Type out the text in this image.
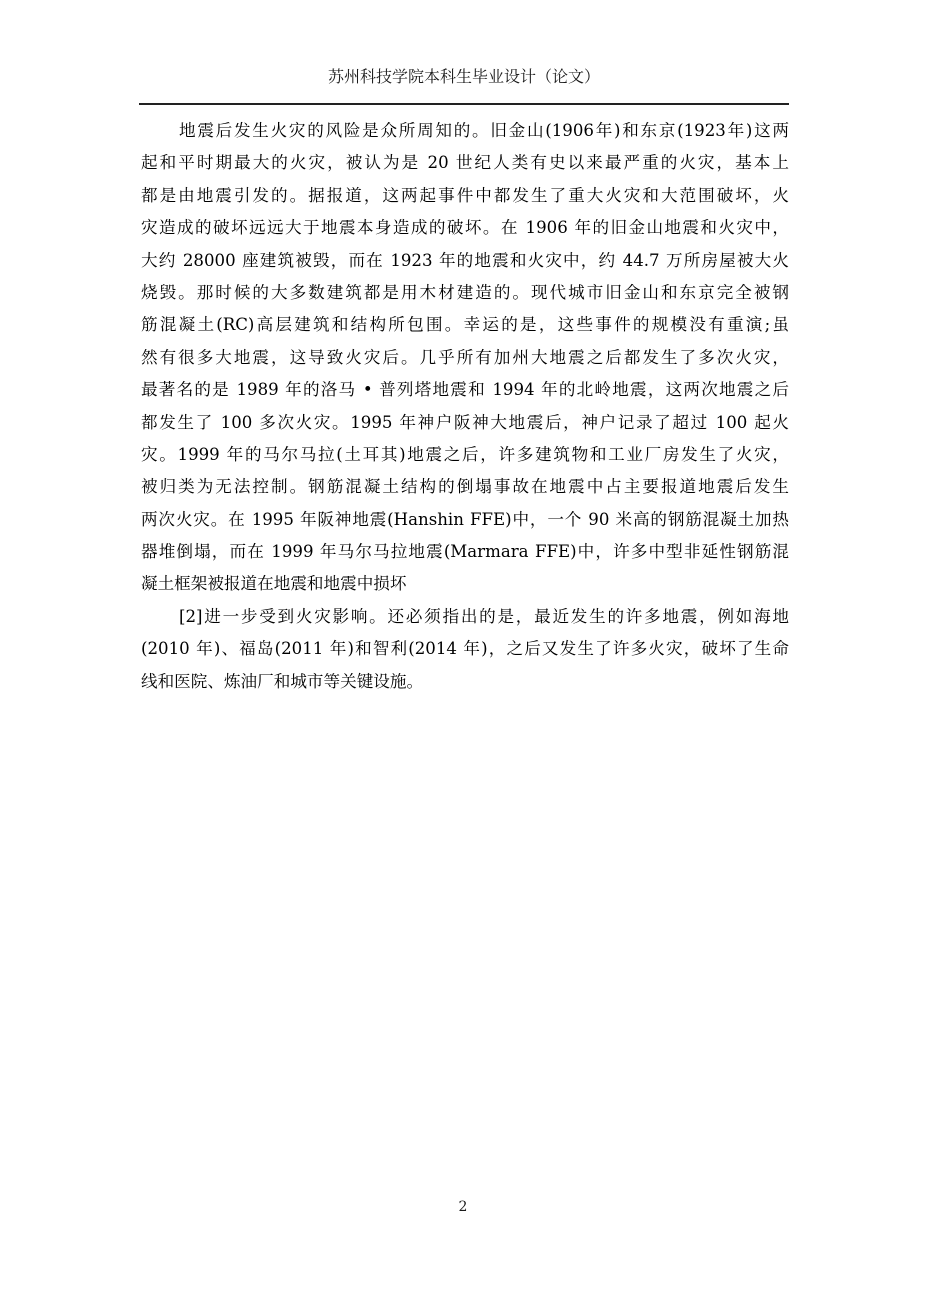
苏州科技学院本科生毕业设计（论文）
地震后发生火灾的风险是众所周知的。旧金山(1906年)和东京(1923年)这两
起和平时期最大的火灾，被认为是 20 世纪人类有史以来最严重的火灾，基本上
都是由地震引发的。据报道，这两起事件中都发生了重大火灾和大范围破坏，火
灾造成的破坏远远大于地震本身造成的破坏。在 1906 年的旧金山地震和火灾中，
大约 28000 座建筑被毁，而在 1923 年的地震和火灾中，约 44.7 万所房屋被大火
烧毁。那时候的大多数建筑都是用木材建造的。现代城市旧金山和东京完全被钢
筋混凝土(RC)高层建筑和结构所包围。幸运的是，这些事件的规模没有重演;虽
然有很多大地震，这导致火灾后。几乎所有加州大地震之后都发生了多次火灾，
最著名的是 1989 年的洛马 • 普列塔地震和 1994 年的北岭地震，这两次地震之后
都发生了 100 多次火灾。1995 年神户阪神大地震后，神户记录了超过 100 起火
灾。1999 年的马尔马拉(土耳其)地震之后，许多建筑物和工业厂房发生了火灾，
被归类为无法控制。钢筋混凝土结构的倒塌事故在地震中占主要报道地震后发生
两次火灾。在 1995 年阪神地震(Hanshin FFE)中，一个 90 米高的钢筋混凝土加热
器堆倒塌，而在 1999 年马尔马拉地震(Marmara FFE)中，许多中型非延性钢筋混
凝土框架被报道在地震和地震中损坏
[2]进一步受到火灾影响。还必须指出的是，最近发生的许多地震，例如海地
(2010 年)、福岛(2011 年)和智利(2014 年)，之后又发生了许多火灾，破坏了生命
线和医院、炼油厂和城市等关键设施。
2
